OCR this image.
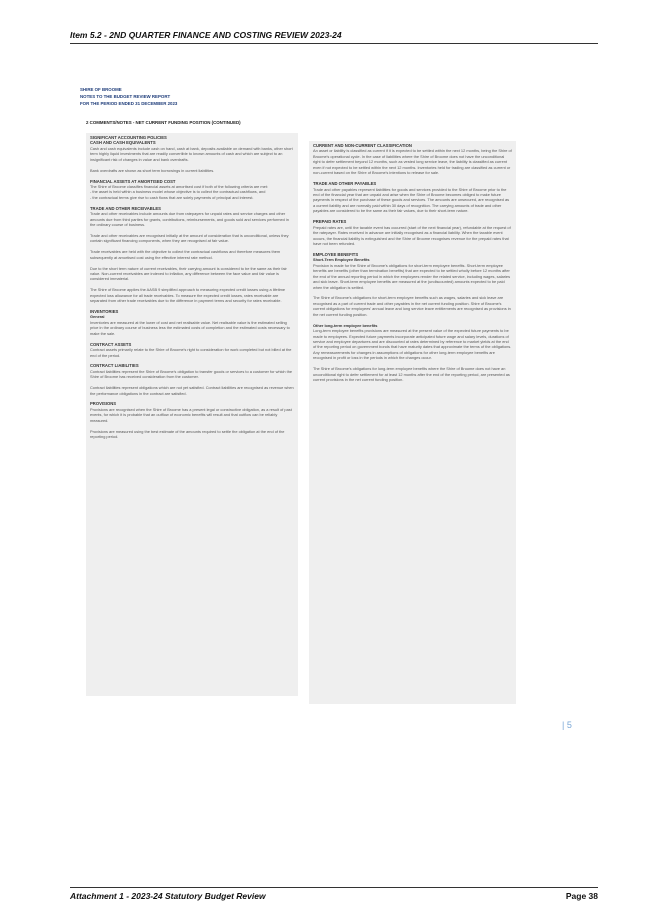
Item 5.2 - 2ND QUARTER FINANCE AND COSTING REVIEW 2023-24
SHIRE OF BROOME
NOTES TO THE BUDGET REVIEW REPORT
FOR THE PERIOD ENDED 31 DECEMBER 2023
2 COMMENTS/NOTES - NET CURRENT FUNDING POSITION (CONTINUED)
SIGNIFICANT ACCOUNTING POLICIES
CASH AND CASH EQUIVALENTS

Cash and cash equivalents include cash on hand, cash at bank, deposits available on demand with banks, other short term highly liquid investments that are readily convertible to known amounts of cash and which are subject to an insignificant risk of changes in value and bank overdrafts.

Bank overdrafts are shown as short term borrowings in current liabilities.

FINANCIAL ASSETS AT AMORTISED COST

The Shire of Broome classifies financial assets at amortised cost if both of the following criteria are met:

- the asset is held within a business model whose objective is to collect the contractual cashflows, and

- the contractual terms give rise to cash flows that are solely payments of principal and interest.

TRADE AND OTHER RECEIVABLES

Trade and other receivables include amounts due from ratepayers for unpaid rates and service charges and other amounts due from third parties for grants, contributions, reimbursements, and goods sold and services performed in the ordinary course of business.

Trade and other receivables are recognised initially at the amount of consideration that is unconditional, unless they contain significant financing components, when they are recognised at fair value.

Trade receivables are held with the objective to collect the contractual cashflows and therefore measures them subsequently at amortised cost using the effective interest rate method.

Due to the short term nature of current receivables, their carrying amount is considered to be the same as their fair value. Non-current receivables are indexed to inflation, any difference between the face value and fair value is considered immaterial.

The Shire of Broome applies the AASB 9 simplified approach to measuring expected credit losses using a lifetime expected loss allowance for all trade receivables. To measure the expected credit losses, rates receivable are separated from other trade receivables due to the difference in payment terms and security for rates receivable.

INVENTORIES
General

Inventories are measured at the lower of cost and net realisable value. Net realisable value is the estimated selling price in the ordinary course of business less the estimated costs of completion and the estimated costs necessary to make the sale.

CONTRACT ASSETS

Contract assets primarily relate to the Shire of Broome's right to consideration for work completed but not billed at the end of the period.

CONTRACT LIABILITIES

Contract liabilities represent the Shire of Broome's obligation to transfer goods or services to a customer for which the Shire of Broome has received consideration from the customer.

Contract liabilities represent obligations which are not yet satisfied. Contract liabilities are recognised as revenue when the performance obligations in the contract are satisfied.

PROVISIONS

Provisions are recognised when the Shire of Broome has a present legal or constructive obligation, as a result of past events, for which it is probable that an outflow of economic benefits will result and that outflow can be reliably measured.

Provisions are measured using the best estimate of the amounts required to settle the obligation at the end of the reporting period.

CURRENT AND NON-CURRENT CLASSIFICATION

An asset or liability is classified as current if it is expected to be settled within the next 12 months, being the Shire of Broome's operational cycle. In the case of liabilities where the Shire of Broome does not have the unconditional right to defer settlement beyond 12 months, such as vested long service leave, the liability is classified as current even if not expected to be settled within the next 12 months. Inventories held for trading are classified as current or non-current based on the Shire of Broome's intentions to release for sale.

TRADE AND OTHER PAYABLES

Trade and other payables represent liabilities for goods and services provided to the Shire of Broome prior to the end of the financial year that are unpaid and arise when the Shire of Broome becomes obliged to make future payments in respect of the purchase of these goods and services. The amounts are unsecured, are recognised as a current liability and are normally paid within 30 days of recognition. The carrying amounts of trade and other payables are considered to be the same as their fair values, due to their short-term nature.

PREPAID RATES

Prepaid rates are, until the taxable event has occurred (start of the next financial year), refundable at the request of the ratepayer. Rates received in advance are initially recognised as a financial liability. When the taxable event occurs, the financial liability is extinguished and the Shire of Broome recognises revenue for the prepaid rates that have not been refunded.

EMPLOYEE BENEFITS
Short-Term Employee Benefits

Provision is made for the Shire of Broome's obligations for short-term employee benefits. Short-term employee benefits are benefits (other than termination benefits) that are expected to be settled wholly before 12 months after the end of the annual reporting period in which the employees render the related service, including wages, salaries and sick leave. Short-term employee benefits are measured at the (undiscounted) amounts expected to be paid when the obligation is settled.

The Shire of Broome's obligations for short-term employee benefits such as wages, salaries and sick leave are recognised as a part of current trade and other payables in the net current funding position. Shire of Broome's current obligations for employees' annual leave and long service leave entitlements are recognised as provisions in the net current funding position.

Other long-term employee benefits

Long-term employee benefits provisions are measured at the present value of the expected future payments to be made to employees. Expected future payments incorporate anticipated future wage and salary levels, durations of service and employee departures and are discounted at rates determined by reference to market yields at the end of the reporting period on government bonds that have maturity dates that approximate the terms of the obligations. Any remeasurements for changes in assumptions of obligations for other long-term employee benefits are recognised in profit or loss in the periods in which the changes occur.

The Shire of Broome's obligations for long-term employee benefits where the Shire of Broome does not have an unconditional right to defer settlement for at least 12 months after the end of the reporting period, are presented as current provisions in the net current funding position.

| 5
Attachment 1 - 2023-24 Statutory Budget Review	Page 38
